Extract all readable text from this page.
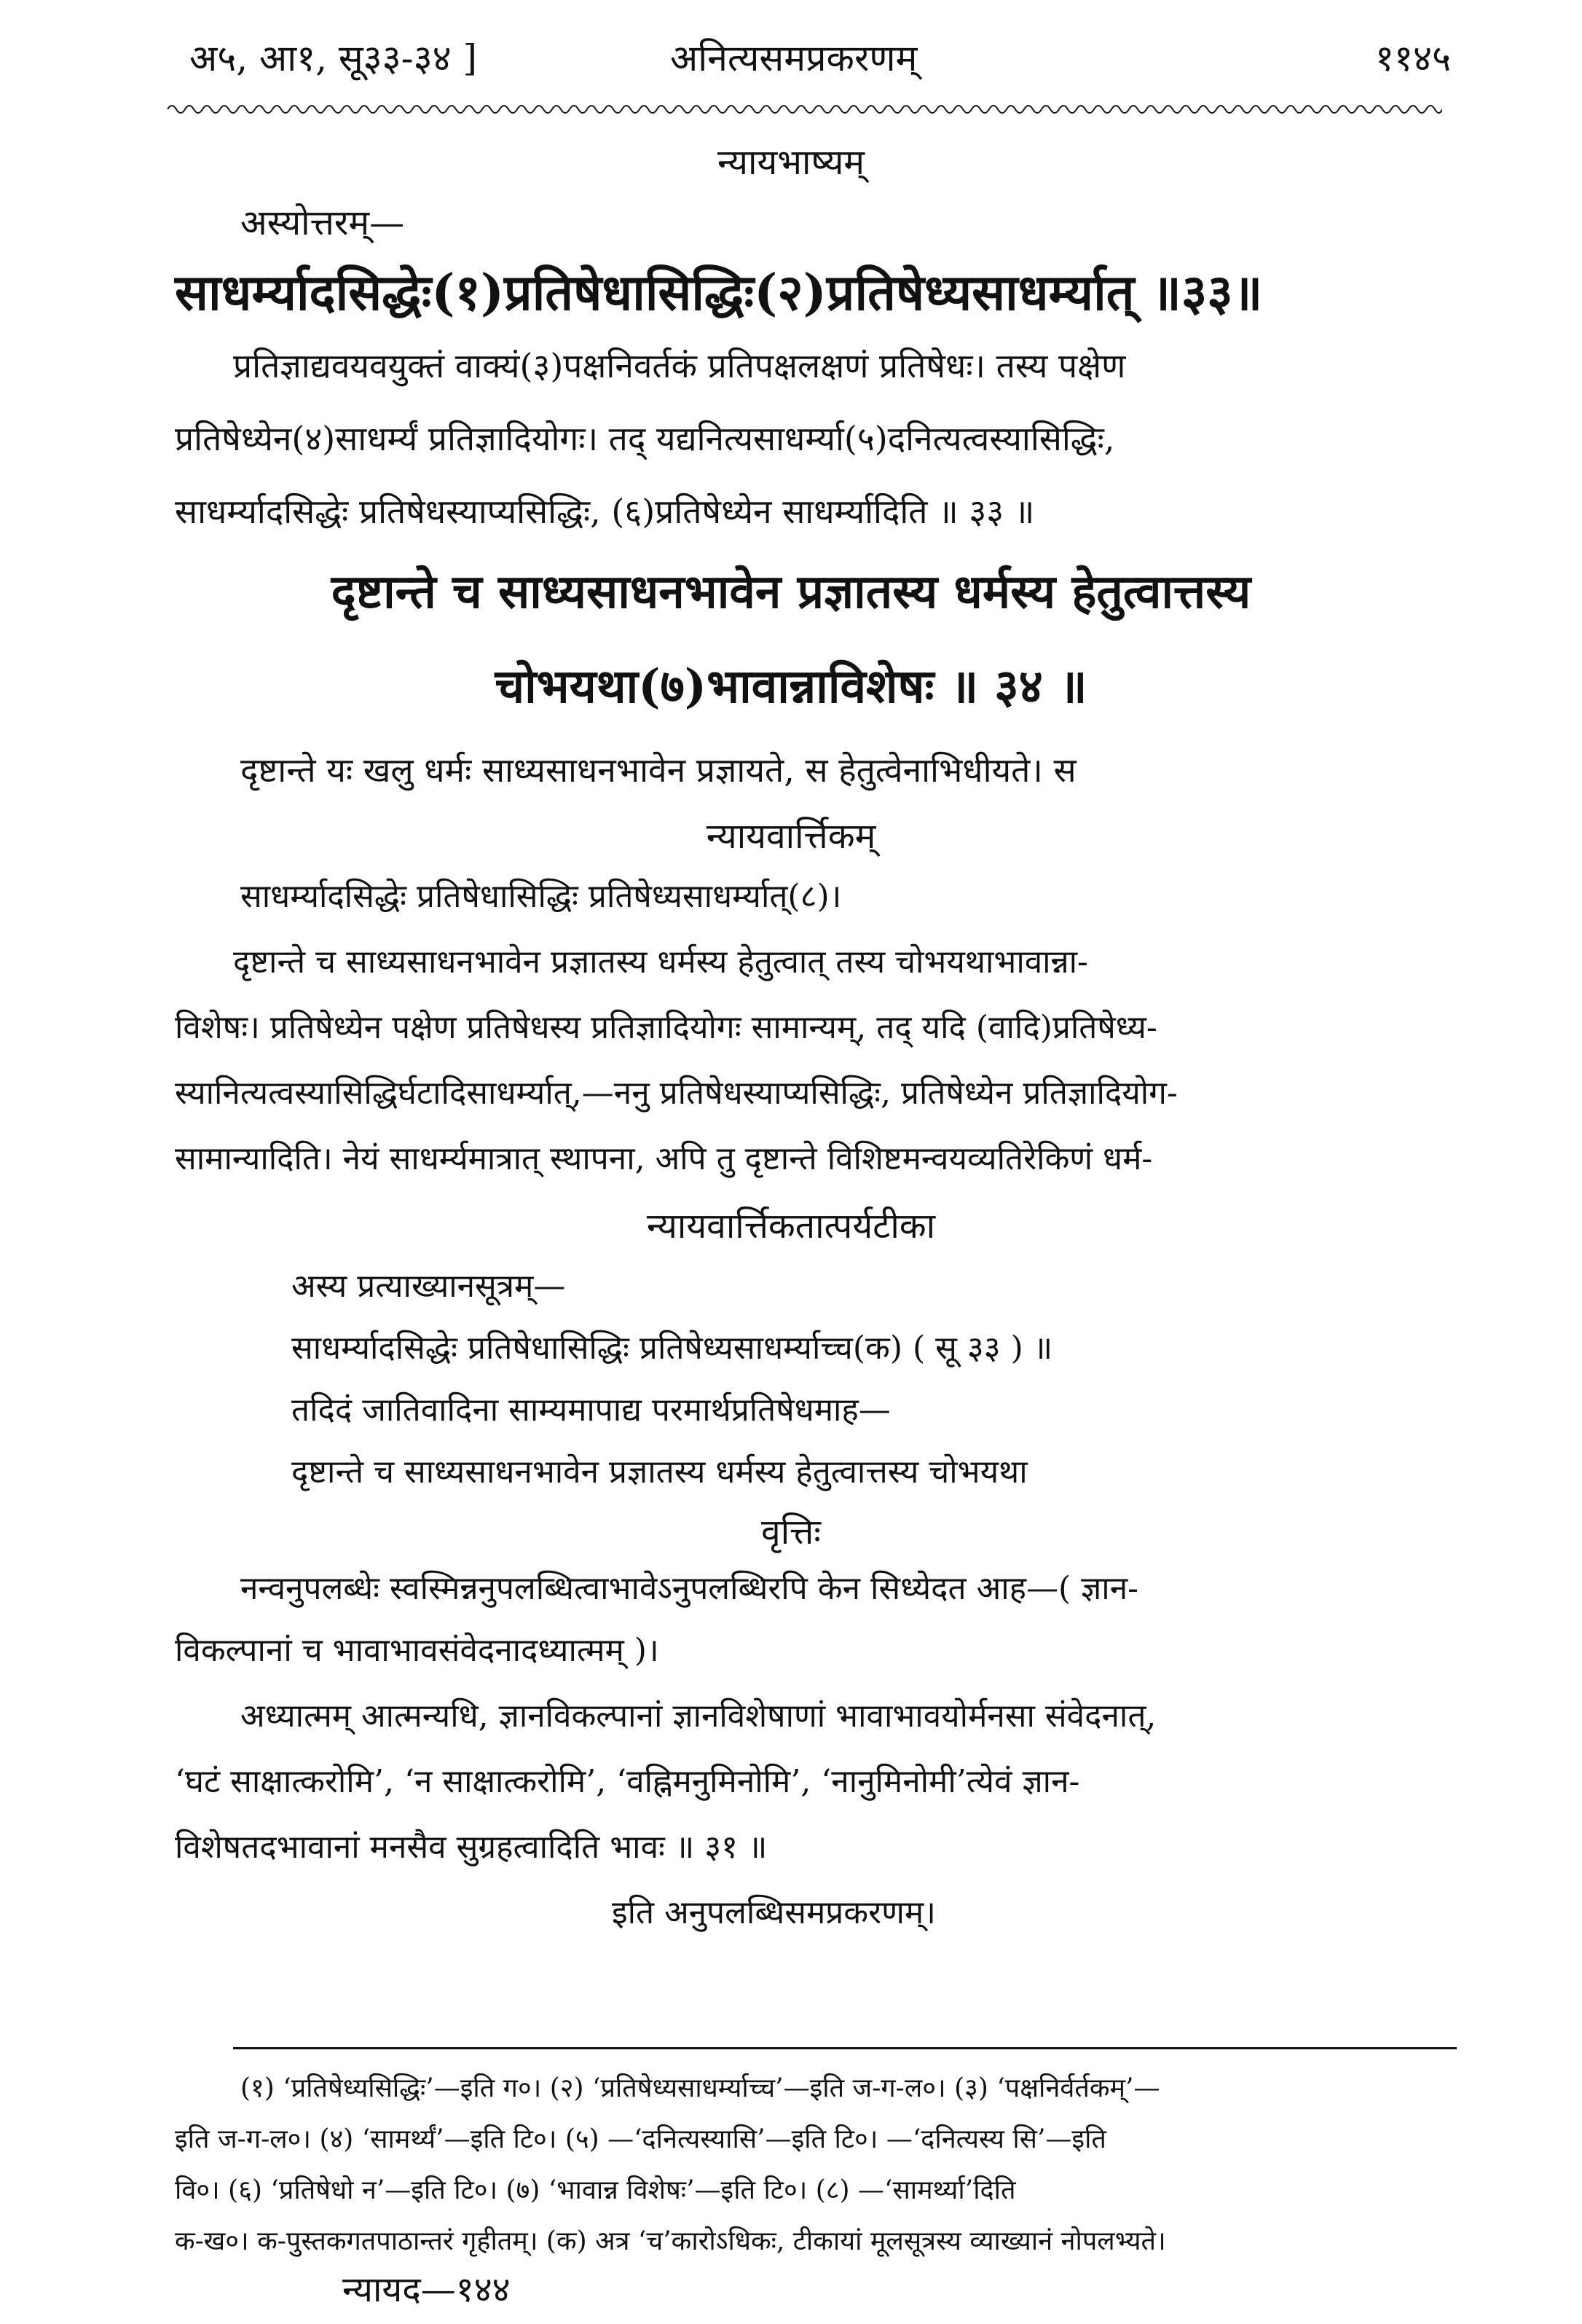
अ५, आ१, सू३३-३४ ]	अनित्यसमप्रकरणम्	११४५
न्यायभाष्यम्
अस्योत्तरम्—
साधर्म्यादसिद्धेः(१)प्रतिषेधासिद्धिः(२)प्रतिषेध्यसाधर्म्यात् ॥३३॥
प्रतिज्ञाद्यवयवयुक्तं वाक्यं(३)पक्षनिवर्तकं प्रतिपक्षलक्षणं प्रतिषेधः। तस्य पक्षेण
प्रतिषेध्येन(४)साधर्म्यं प्रतिज्ञादियोगः। तद् यद्यनित्यसाधर्म्या(५)दनित्यत्वस्यासिद्धिः,
साधर्म्यादसिद्धेः प्रतिषेधस्याप्यसिद्धिः, (६)प्रतिषेध्येन साधर्म्यादिति ॥ ३३ ॥
दृष्टान्ते च साध्यसाधनभावेन प्रज्ञातस्य धर्मस्य हेतुत्वात्तस्य
चोभयथा(७)भावान्नाविशेषः ॥ ३४ ॥
दृष्टान्ते यः खलु धर्मः साध्यसाधनभावेन प्रज्ञायते, स हेतुत्वेनाभिधीयते। स
न्यायवार्त्तिकम्
साधर्म्यादसिद्धेः प्रतिषेधासिद्धिः प्रतिषेध्यसाधर्म्यात्(८)।
दृष्टान्ते च साध्यसाधनभावेन प्रज्ञातस्य धर्मस्य हेतुत्वात् तस्य चोभयथाभावान्ना-
विशेषः। प्रतिषेध्येन पक्षेण प्रतिषेधस्य प्रतिज्ञादियोगः सामान्यम्, तद् यदि (वादि)प्रतिषेध्य-
स्यानित्यत्वस्यासिद्धिर्घटादिसाधर्म्यात्,—ननु प्रतिषेधस्याप्यसिद्धिः, प्रतिषेध्येन प्रतिज्ञादियोग-
सामान्यादिति। नेयं साधर्म्यमात्रात् स्थापना, अपि तु दृष्टान्ते विशिष्टमन्वयव्यतिरेकिणं धर्म-
न्यायवार्त्तिकतात्पर्यटीका
अस्य प्रत्याख्यानसूत्रम्—
साधर्म्यादसिद्धेः प्रतिषेधासिद्धिः प्रतिषेध्यसाधर्म्याच्च(क) ( सू ३३ ) ॥
तदिदं जातिवादिना साम्यमापाद्य परमार्थप्रतिषेधमाह—
दृष्टान्ते च साध्यसाधनभावेन प्रज्ञातस्य धर्मस्य हेतुत्वात्तस्य चोभयथा
वृत्तिः
नन्वनुपलब्धेः स्वस्मिन्ननुपलब्धित्वाभावेऽनुपलब्धिरपि केन सिध्येदत आह—( ज्ञान-
विकल्पानां च भावाभावसंवेदनादध्यात्मम् )।
अध्यात्मम् आत्मन्यधि, ज्ञानविकल्पानां ज्ञानविशेषाणां भावाभावयोर्मनसा संवेदनात्,
‘घटं साक्षात्करोमि’, ‘न साक्षात्करोमि’, ‘वह्निमनुमिनोमि’, ‘नानुमिनोमी’त्येवं ज्ञान-
विशेषतदभावानां मनसैव सुग्रहत्वादिति भावः ॥ ३१ ॥
इति अनुपलब्धिसमप्रकरणम्।
(१) ‘प्रतिषेध्यसिद्धिः’—इति ग०। (२) ‘प्रतिषेध्यसाधर्म्याच्च’—इति ज-ग-ल०। (३) ‘पक्षनिर्वर्तकम्’—
इति ज-ग-ल०। (४) ‘सामर्थ्यं’—इति टि०। (५) —‘दनित्यस्यासि’—इति टि०। —‘दनित्यस्य सि’—इति
वि०। (६) ‘प्रतिषेधो न’—इति टि०। (७) ‘भावान्न विशेषः’—इति टि०। (८) —‘सामर्थ्या’दिति
क-ख०। क-पुस्तकगतपाठान्तरं गृहीतम्। (क) अत्र ‘च’कारोऽधिकः, टीकायां मूलसूत्रस्य व्याख्यानं नोपलभ्यते।
न्यायद—१४४
